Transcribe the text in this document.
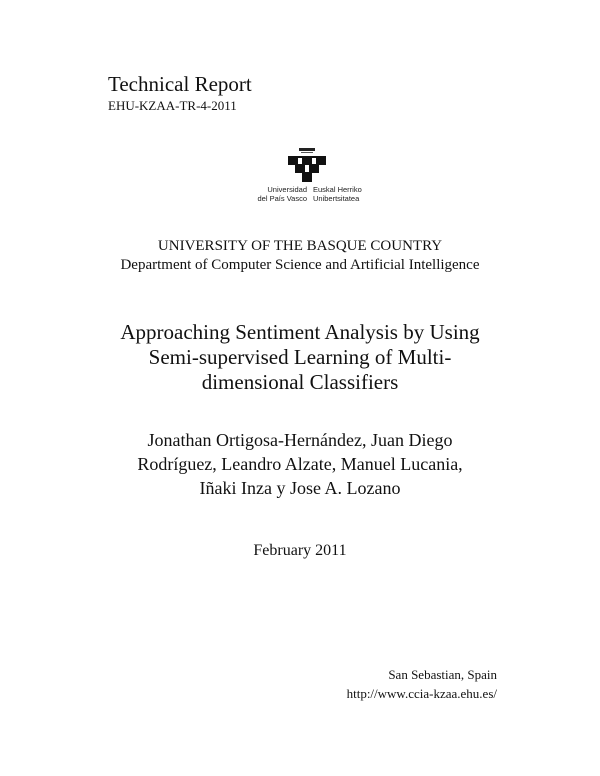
Technical Report
EHU-KZAA-TR-4-2011
Universidad
del País Vasco
Euskal Herriko
Unibertsitatea
UNIVERSITY OF THE BASQUE COUNTRY
Department of Computer Science and Artificial Intelligence
Approaching Sentiment Analysis by Using
Semi-supervised Learning of Multi-
dimensional Classifiers
Jonathan Ortigosa-Hernández, Juan Diego
Rodríguez, Leandro Alzate, Manuel Lucania,
Iñaki Inza y Jose A. Lozano
February 2011
San Sebastian, Spain
http://www.ccia-kzaa.ehu.es/
